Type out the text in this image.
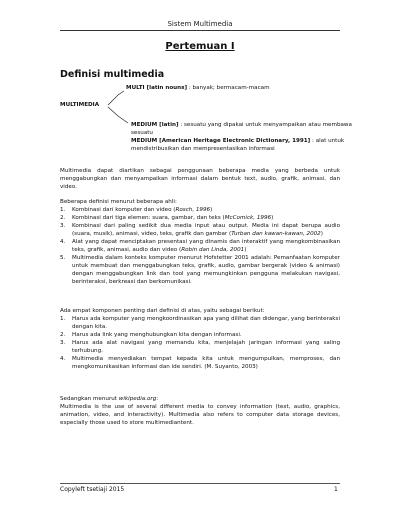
Sistem Multimedia
Pertemuan I
Definisi multimedia
MULTI [latin nouns] : banyak; bermacam-macam
MULTIMEDIA
MEDIUM [latin] : sesuatu yang dipakai untuk menyampaikan atau membawa sesuatu
MEDIUM [American Heritage Electronic Dictionary, 1991] : alat untuk mendistribusikan dan mempresentasikan informasi
Multimedia dapat diartikan sebagai penggunaan beberapa media yang berbeda untuk menggabungkan dan menyampaikan informasi dalam bentuk text, audio, grafik, animasi, dan video.
Beberapa definisi menurut beberapa ahli:
1. Kombinasi dari komputer dan video (Rosch, 1996)
2. Kombinasi dari tiga elemen: suara, gambar, dan teks (McComick, 1996)
3. Kombinasi dari paling sedikit dua media input atau output. Media ini dapat berupa audio (suara, musik), animasi, video, teks, grafik dan gambar (Turban dan kawan-kawan, 2002)
4. Alat yang dapat menciptakan presentasi yang dinamis dan interaktif yang mengkombinasikan teks, grafik, animasi, audio dan video (Robin dan Linda, 2001)
5. Multimedia dalam konteks komputer menurut Hofstetter 2001 adalah: Pemanfaatan komputer untuk membuat dan menggabungkan teks, grafik, audio, gambar bergerak (video & animasi) dengan menggabungkan link dan tool yang memungkinkan pengguna melakukan navigasi, berinteraksi, berkreasi dan berkomunikasi.
Ada empat komponen penting dari definisi di atas, yaitu sebagai berikut:
1. Harus ada komputer yang mengkoordinasikan apa yang dilihat dan didengar, yang berinteraksi dengan kita.
2. Harus ada link yang menghubungkan kita dengan informasi.
3. Harus ada alat navigasi yang memandu kita, menjelajah jaringan informasi yang saling terhubung.
4. Multimedia menyediakan tempat kepada kita untuk mengumpulkan, memproses, dan mengkomunikasikan informasi dan ide sendiri. (M. Suyanto, 2003)
Sedangkan menurut wikipedia.org:
Multimedia is the use of several different media to convey information (text, audio, graphics, animation, video, and interactivity). Multimedia also refers to computer data storage devices, especially those used to store multimediantent.
Copyleft tsetiaji 2015	1
